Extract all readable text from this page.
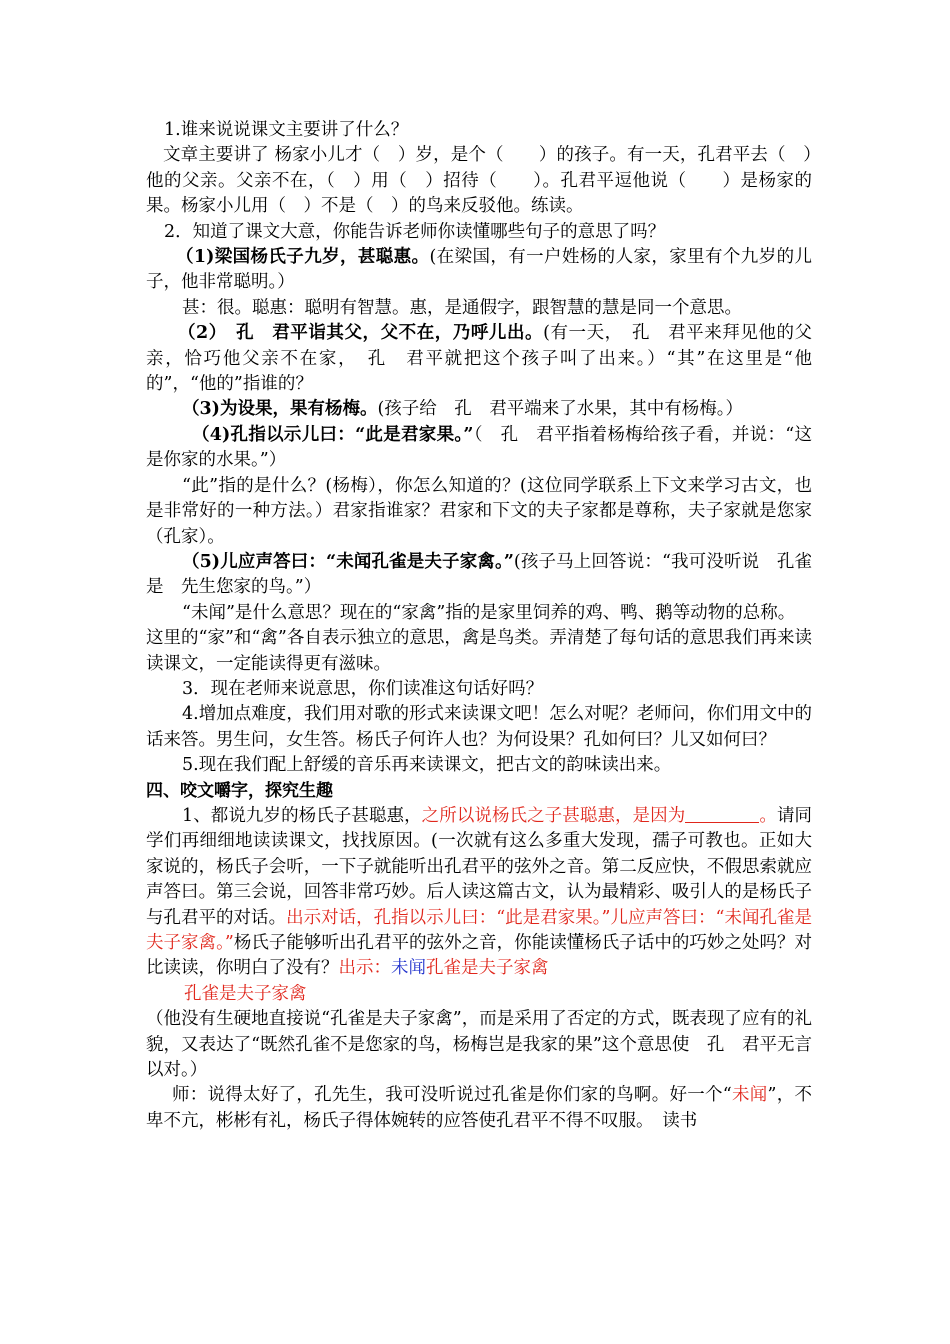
1.谁来说说课文主要讲了什么？

文章主要讲了 杨家小儿才（　）岁，是个（　　）的孩子。有一天，孔君平去（　）他的父亲。父亲不在，（　）用（　）招待（　　）。孔君平逗他说（　　）是杨家的果。杨家小儿用（　）不是（　）的鸟来反驳他。练读。

2．知道了课文大意，你能告诉老师你读懂哪些句子的意思了吗？

（1)梁国杨氏子九岁，甚聪惠。(在梁国，有一户姓杨的人家，家里有个九岁的儿子，他非常聪明。）

甚：很。聪惠：聪明有智慧。惠，是通假字，跟智慧的慧是同一个意思。

（2）　孔　君平诣其父，父不在，乃呼儿出。(有一天，　孔　君平来拜见他的父亲，恰巧他父亲不在家，　孔　君平就把这个孩子叫了出来。）“其”在这里是“他的”，“他的”指谁的？

（3)为设果，果有杨梅。(孩子给　孔　君平端来了水果，其中有杨梅。）

（4)孔指以示儿曰：“此是君家果。”（　孔　君平指着杨梅给孩子看，并说：“这是你家的水果。”）

“此”指的是什么？(杨梅），你怎么知道的？(这位同学联系上下文来学习古文，也是非常好的一种方法。）君家指谁家？君家和下文的夫子家都是尊称，夫子家就是您家（孔家）。

（5)儿应声答曰：“未闻孔雀是夫子家禽。”(孩子马上回答说：“我可没听说　孔雀是　先生您家的鸟。”）

“未闻”是什么意思？现在的“家禽”指的是家里饲养的鸡、鸭、鹅等动物的总称。

这里的“家”和“禽”各自表示独立的意思，禽是鸟类。弄清楚了每句话的意思我们再来读读课文，一定能读得更有滋味。

3．现在老师来说意思，你们读准这句话好吗？

4.增加点难度，我们用对歌的形式来读课文吧！怎么对呢？老师问，你们用文中的话来答。男生问，女生答。杨氏子何许人也？为何设果？孔如何曰？儿又如何曰？

5.现在我们配上舒缓的音乐再来读课文，把古文的韵味读出来。

四、咬文嚼字，探究生趣

1、都说九岁的杨氏子甚聪惠，之所以说杨氏之子甚聪惠，是因为	。请同学们再细细地读读课文，找找原因。(一次就有这么多重大发现，孺子可教也。正如大家说的，杨氏子会听，一下子就能听出孔君平的弦外之音。第二反应快，不假思索就应声答曰。第三会说，回答非常巧妙。后人读这篇古文，认为最精彩、吸引人的是杨氏子与孔君平的对话。出示对话，孔指以示儿曰：“此是君家果。”儿应声答曰：“未闻孔雀是夫子家禽。”杨氏子能够听出孔君平的弦外之音，你能读懂杨氏子话中的巧妙之处吗？对比读读，你明白了没有？出示：未闻孔雀是夫子家禽

孔雀是夫子家禽

（他没有生硬地直接说“孔雀是夫子家禽”，而是采用了否定的方式，既表现了应有的礼貌，又表达了“既然孔雀不是您家的鸟，杨梅岂是我家的果”这个意思使　孔　君平无言以对。）

师：说得太好了，孔先生，我可没听说过孔雀是你们家的鸟啊。好一个“未闻”，不卑不亢，彬彬有礼，杨氏子得体婉转的应答使孔君平不得不叹服。　读书
